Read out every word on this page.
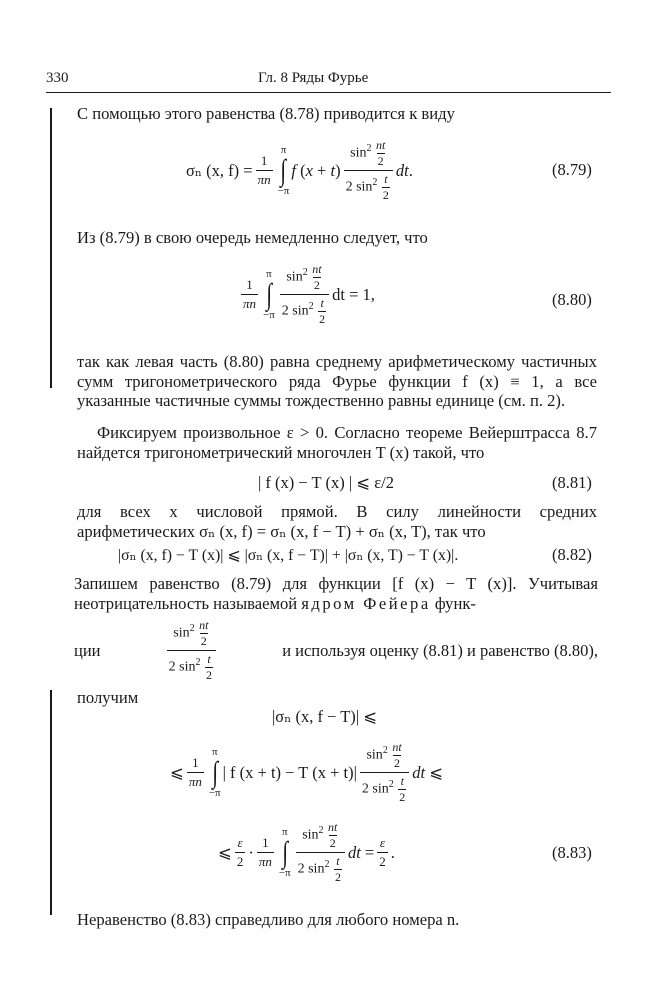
330	Гл. 8 Ряды Фурье
С помощью этого равенства (8.78) приводится к виду
σₙ (x, $f) = \frac{1}{\pi n}$
π
∫
−π
f $(x + t) \frac{\sin^2 \frac{nt}{2}}{2 \sin^2 \frac{t}{2}}$ dt.	(8.79)
Из (8.79) в свою очередь немедленно следует, что
$\frac{1}{\pi n}$
π
∫
$-\pi \frac{\sin^2 \frac{nt}{2}}{2 \sin^2 \frac{t}{2}}$ dt = 1,	(8.80)
так как левая часть (8.80) равна среднему арифметическому частичных сумм тригонометрического ряда Фурье функции f (x) ≡ 1, а все указанные частичные суммы тождественно равны единице (см. п. 2).
Фиксируем произвольное ε > 0. Согласно теореме Вейерштрасса 8.7 найдется тригонометрический многочлен T (x) такой, что
| f (x) − T (x) | ⩽ ε/2	(8.81)
для всех x числовой прямой. В силу линейности средних арифметических σₙ (x, f) = σₙ (x, f − T) + σₙ (x, T), так что
|σₙ (x, f) − T (x)| ⩽ |σₙ (x, f − T)| + |σₙ (x, T) − T (x)|.	(8.82)
Запишем равенство (8.79) для функции [f (x) − T (x)]. Учитывая неотрицательность называемой ядром Фейера функ-
ции	$\frac{\sin^2 \frac{nt}{2}}{2 \sin^2 \frac{t}{2}}$	и используя оценку (8.81) и равенство (8.80),
получим
|σₙ (x, f − T)| ⩽
⩽ $\frac{1}{\pi n}$
π
∫
−π
| f (x + t) − T $(x + t)| \frac{\sin^2 \frac{nt}{2}}{2 \sin^2 \frac{t}{2}}$ dt ⩽
⩽ $\frac{\varepsilon}{2} \cdot \frac{1}{\pi n}$
π
∫
$-\pi \frac{\sin^2 \frac{nt}{2}}{2 \sin^2 \frac{t}{2}}$ dt = $\frac{\varepsilon}{2}$ .	(8.83)
Неравенство (8.83) справедливо для любого номера n.
